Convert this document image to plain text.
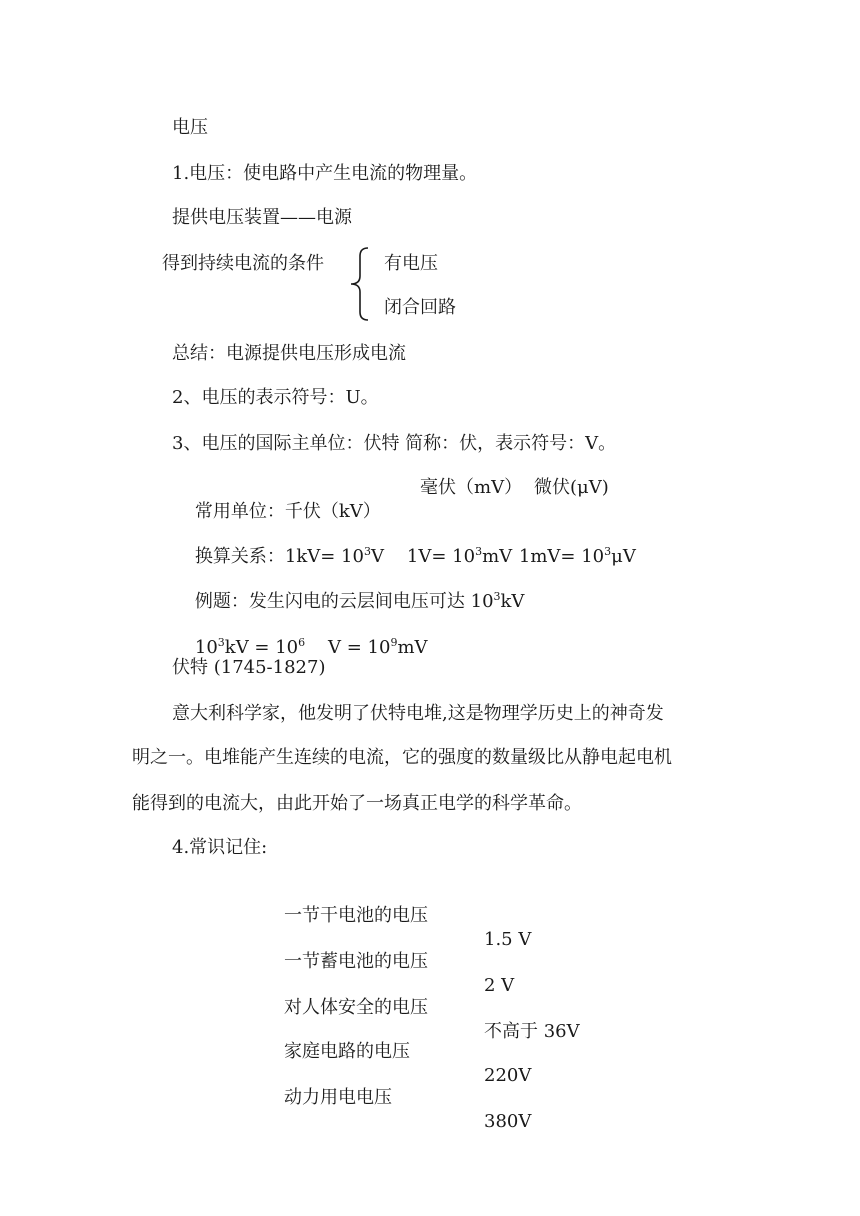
电压
1.电压：使电路中产生电流的物理量。
提供电压装置——电源
得到持续电流的条件	有电压
闭合回路
总结：电源提供电压形成电流
2、电压的表示符号：U。
3、电压的国际主单位：伏特 简称：伏，表示符号：V。

常用单位：千伏（kV）

毫伏（mV） 微伏(μV)

换算关系：$1kV= 10^3V$
	$1V= 10^3mV$
$1mV= 10^3\mu V$

例题：发生闪电的云层间电压可达 $10^3kV$

$10^3kV = 10^6$    $V = 10^9mV$

伏特 (1745-1827)
意大利科学家，他发明了伏特电堆,这是物理学历史上的神奇发
明之一。电堆能产生连续的电流，它的强度的数量级比从静电起电机
能得到的电流大，由此开始了一场真正电学的科学革命。
4.常识记住:

一节干电池的电压

1.5 V

一节蓄电池的电压

2 V

对人体安全的电压

不高于 36V

家庭电路的电压

220V

动力用电电压

380V
